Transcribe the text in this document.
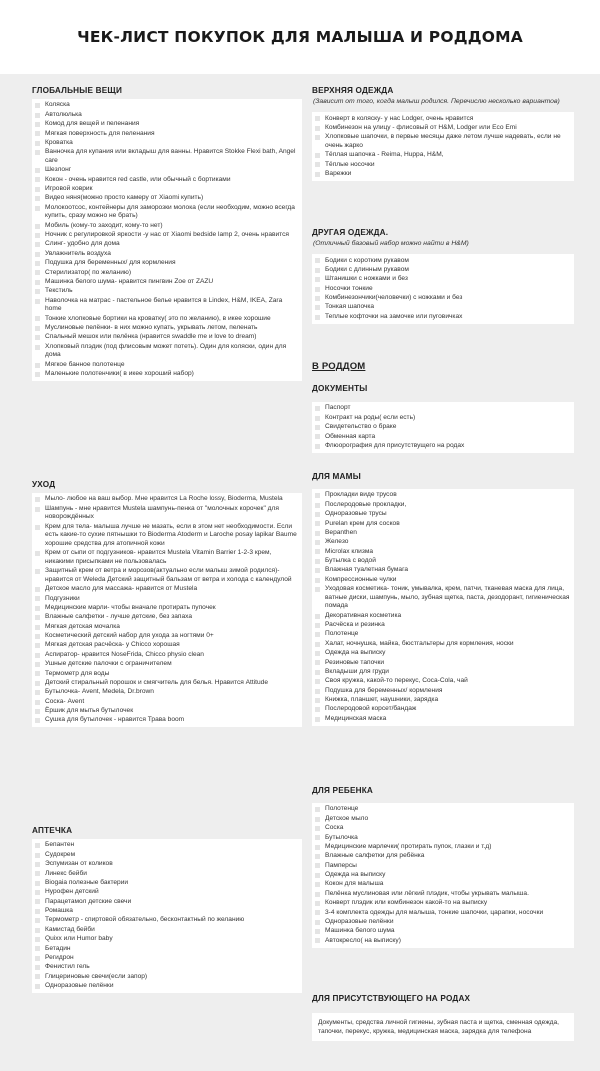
ЧЕК-ЛИСТ ПОКУПОК ДЛЯ МАЛЫША И РОДДОМА
ГЛОБАЛЬНЫЕ ВЕЩИ
Коляска
Автолюлька
Комод для вещей и пеленания
Мягкая поверхность для пеленания
Кроватка
Ванночка для купания или вкладыш для ванны. Нравится Stokke Flexi bath, Angel care
Шезлонг
Кокон - очень нравится red castle, или обычный с бортиками
Игровой коврик
Видео няня(можно просто камеру от Xiaomi купить)
Молокоотсос, контейнеры для заморозки молока (если необходим, можно всегда купить, сразу можно не брать)
Мобиль (кому-то заходит, кому-то нет)
Ночник с регулировкой яркости -у нас от Xiaomi bedside lamp 2, очень нравится
Слинг- удобно для дома
Увлажнитель воздуха
Подушка для беременных/ для кормления
Стерилизатор( по желанию)
Машинка белого шума- нравится пингвин Zoe от ZAZU
Текстиль
Наволочка на матрас - пастельное белье нравится в Lindex, H&M, IKEA, Zara home
Тонкие хлопковые бортики на кроватку( это по желанию), в икее хорошие
Муслиновые пелёнки- в них можно купать, укрывать летом, пеленать
Спальный мешок или пелёнка (нравится swaddle me и love to dream)
Хлопковый плэдик (под флисовым может потеть). Один для коляски, один для дома
Мягкое банное полотенце
Маленькие полотенчики( в икее хороший набор)
УХОД
Мыло- любое на ваш выбор. Мне нравится La Roche lossy, Bioderma, Mustela
Шампунь - мне нравится Mustela шампунь-пенка от "молочных корочек" для новорождённых
Крем для тела- малыша лучше не мазать, если в этом нет необходимости. Если есть какие-то сухие пятнышки то Bioderma Atoderm и Laroche posay lapikar Baume хорошие средства для атопичной кожи
Крем от сыпи от подгузников- нравится Mustela Vitamin Barrier 1-2-3 крем, никакими присыпками не пользовалась
Защитный крем от ветра и морозов(актуально если малыш зимой родился)- нравится от Weleda Детский защитный бальзам от ветра и холода с календулой
Детское масло для массажа- нравится от Mustela
Подгузники
Медицинские марли- чтобы вначале протирать пупочек
Влажные салфетки - лучше детские, без запаха
Мягкая детская мочалка
Косметический детский набор для ухода за ногтями 0+
Мягкая детская расчёска- у Chicco хорошая
Аспиратор- нравится NoseFrida, Chicco physio clean
Ушные детские палочки с ограничителем
Термометр для воды
Детский стиральный порошок и смягчитель для белья. Нравится Attitude
Бутылочка- Avent, Medela, Dr.brown
Соска- Avent
Ёршик для мытья бутылочек
Сушка для бутылочек - нравится Трава boom
АПТЕЧКА
Бепантен
Судокрем
Эспумизан от коликов
Линекс бейби
Biogaia полезные бактерии
Нурофен детский
Парацетамол детские свечи
Ромашка
Термометр - спиртовой обязательно, бесконтактный по желанию
Камистад бейби
Quixx или Humor baby
Бетадин
Регидрон
Фенистил гель
Глицериновые свечи(если запор)
Одноразовые пелёнки
ВЕРХНЯЯ ОДЕЖДА
(Зависит от того, когда малыш родился. Перечислю несколько вариантов)
Конверт в коляску- у нас Lodger, очень нравится
Комбинезон на улицу - флисовый от H&M, Lodger или Eco Emi
Хлопковые шапочки, в первые месяцы даже летом лучше надевать, если не очень жарко
Тёплая шапочка - Reima, Huppa, H&M,
Тёплые носочки
Варежки
ДРУГАЯ ОДЕЖДА.
(Отличный базовый набор можно найти в H&M)
Бодики с коротким рукавом
Бодики с длинным рукавом
Штанишки с ножками и без
Носочки тонкие
Комбинезончики(человечки) с ножками и без
Тонкая шапочка
Теплые кофточки на замочке или пуговичках
В РОДДОМ
ДОКУМЕНТЫ
Паспорт
Контракт на роды( если есть)
Свидетельство о браке
Обменная карта
Флюорография для присутствущего на родах
ДЛЯ МАМЫ
Прокладки виде трусов
Послеродовые прокладки,
Одноразовые трусы
Purelan крем для сосков
Bepanthen
Железо
Microlax клизма
Бутылка с водой
Влажная туалетная бумага
Компрессионные чулки
Уходовая косметика- тоник, умывалка, крем, патчи, тканевая маска для лица, ватные диски, шампунь, мыло, зубная щетка, паста, дезодорант, гигиеническая помада
Декоративная косметика
Расчёска и резинка
Полотенце
Халат, ночнушка, майка, бюстгальтеры для кормления, носки
Одежда на выписку
Резиновые тапочки
Вкладыши для груди
Своя кружка, какой-то перекус, Coca-Cola, чай
Подушка для беременных/ кормления
Книжка, планшет, наушники, зарядка
Послеродовой корсет/бандаж
Медицинская маска
ДЛЯ РЕБЕНКА
Полотенце
Детское мыло
Соска
Бутылочка
Медицинские марлечки( протирать пупок, глазки и т.д)
Влажные салфетки для ребёнка
Памперсы
Одежда на выписку
Кокон для малыша
Пелёнка муслиновая или лёгкий плэдик, чтобы укрывать малыша.
Конверт плэдик или комбинезон какой-то на выписку
3-4 комплекта одежды для малыша, тонкие шапочки, царапки, носочки
Одноразовые пелёнки
Машинка белого шума
Автокресло( на выписку)
ДЛЯ ПРИСУТСТВУЮЩЕГО НА РОДАХ
Документы, средства личной гигиены, зубная паста и щетка, сменная одежда, тапочки, перекус, кружка, медицинская маска, зарядка для телефона
